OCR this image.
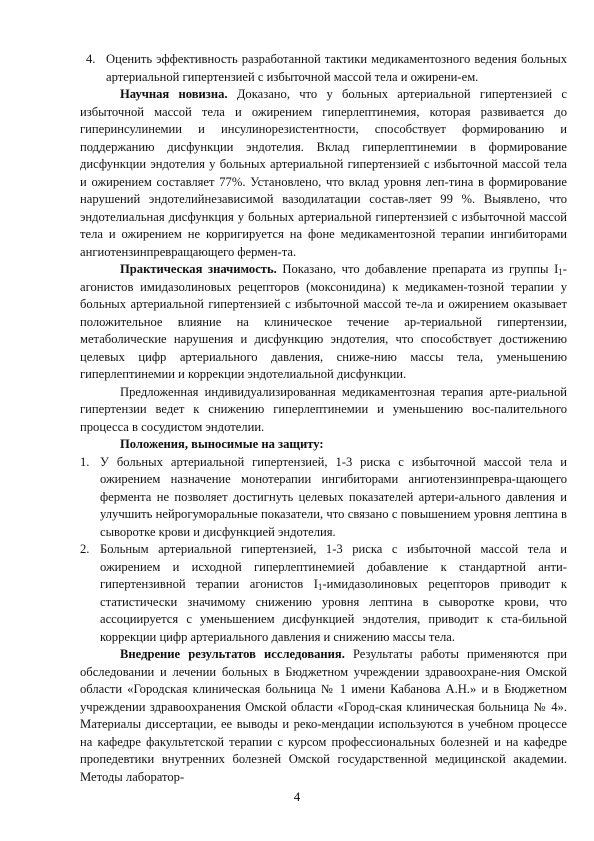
4. Оценить эффективность разработанной тактики медикаментозного ведения больных артериальной гипертензией с избыточной массой тела и ожирени-ем.

Научная новизна. Доказано, что у больных артериальной гипертензией с избыточной массой тела и ожирением гиперлептинемия, которая развивается до гиперинсулинемии и инсулинорезистентности, способствует формированию и поддержанию дисфункции эндотелия. Вклад гиперлептинемии в формирование дисфункции эндотелия у больных артериальной гипертензией с избыточной массой тела и ожирением составляет 77%. Установлено, что вклад уровня леп-тина в формирование нарушений эндотелийнезависимой вазодилатации состав-ляет 99 %. Выявлено, что эндотелиальная дисфункция у больных артериальной гипертензией с избыточной массой тела и ожирением не корригируется на фоне медикаментозной терапии ингибиторами ангиотензинпревращающего фермен-та.

Практическая значимость. Показано, что добавление препарата из группы $I_1$-агонистов имидазолиновых рецепторов (моксонидина) к медикамен-тозной терапии у больных артериальной гипертензией с избыточной массой те-ла и ожирением оказывает положительное влияние на клиническое течение ар-териальной гипертензии, метаболические нарушения и дисфункцию эндотелия, что способствует достижению целевых цифр артериального давления, сниже-нию массы тела, уменьшению гиперлептинемии и коррекции эндотелиальной дисфункции.

Предложенная индивидуализированная медикаментозная терапия арте-риальной гипертензии ведет к снижению гиперлептинемии и уменьшению вос-палительного процесса в сосудистом эндотелии.

Положения, выносимые на защиту:

1. У больных артериальной гипертензией, 1-3 риска с избыточной массой тела и ожирением назначение монотерапии ингибиторами ангиотензинпревра-щающего фермента не позволяет достигнуть целевых показателей артери-ального давления и улучшить нейрогуморальные показатели, что связано с повышением уровня лептина в сыворотке крови и дисфункцией эндотелия.
2. Больным артериальной гипертензией, 1-3 риска с избыточной массой тела и ожирением и исходной гиперлептинемией добавление к стандартной анти-гипертензивной терапии агонистов $I_1$-имидазолиновых рецепторов приводит к статистически значимому снижению уровня лептина в сыворотке крови, что ассоциируется с уменьшением дисфункцией эндотелия, приводит к ста-бильной коррекции цифр артериального давления и снижению массы тела.

Внедрение результатов исследования. Результаты работы применяются при обследовании и лечении больных в Бюджетном учреждении здравоохране-ния Омской области «Городская клиническая больница № 1 имени Кабанова А.Н.» и в Бюджетном учреждении здравоохранения Омской области «Город-ская клиническая больница № 4». Материалы диссертации, ее выводы и реко-мендации используются в учебном процессе на кафедре факультетской терапии с курсом профессиональных болезней и на кафедре пропедевтики внутренних болезней Омской государственной медицинской академии. Методы лаборатор-

4
